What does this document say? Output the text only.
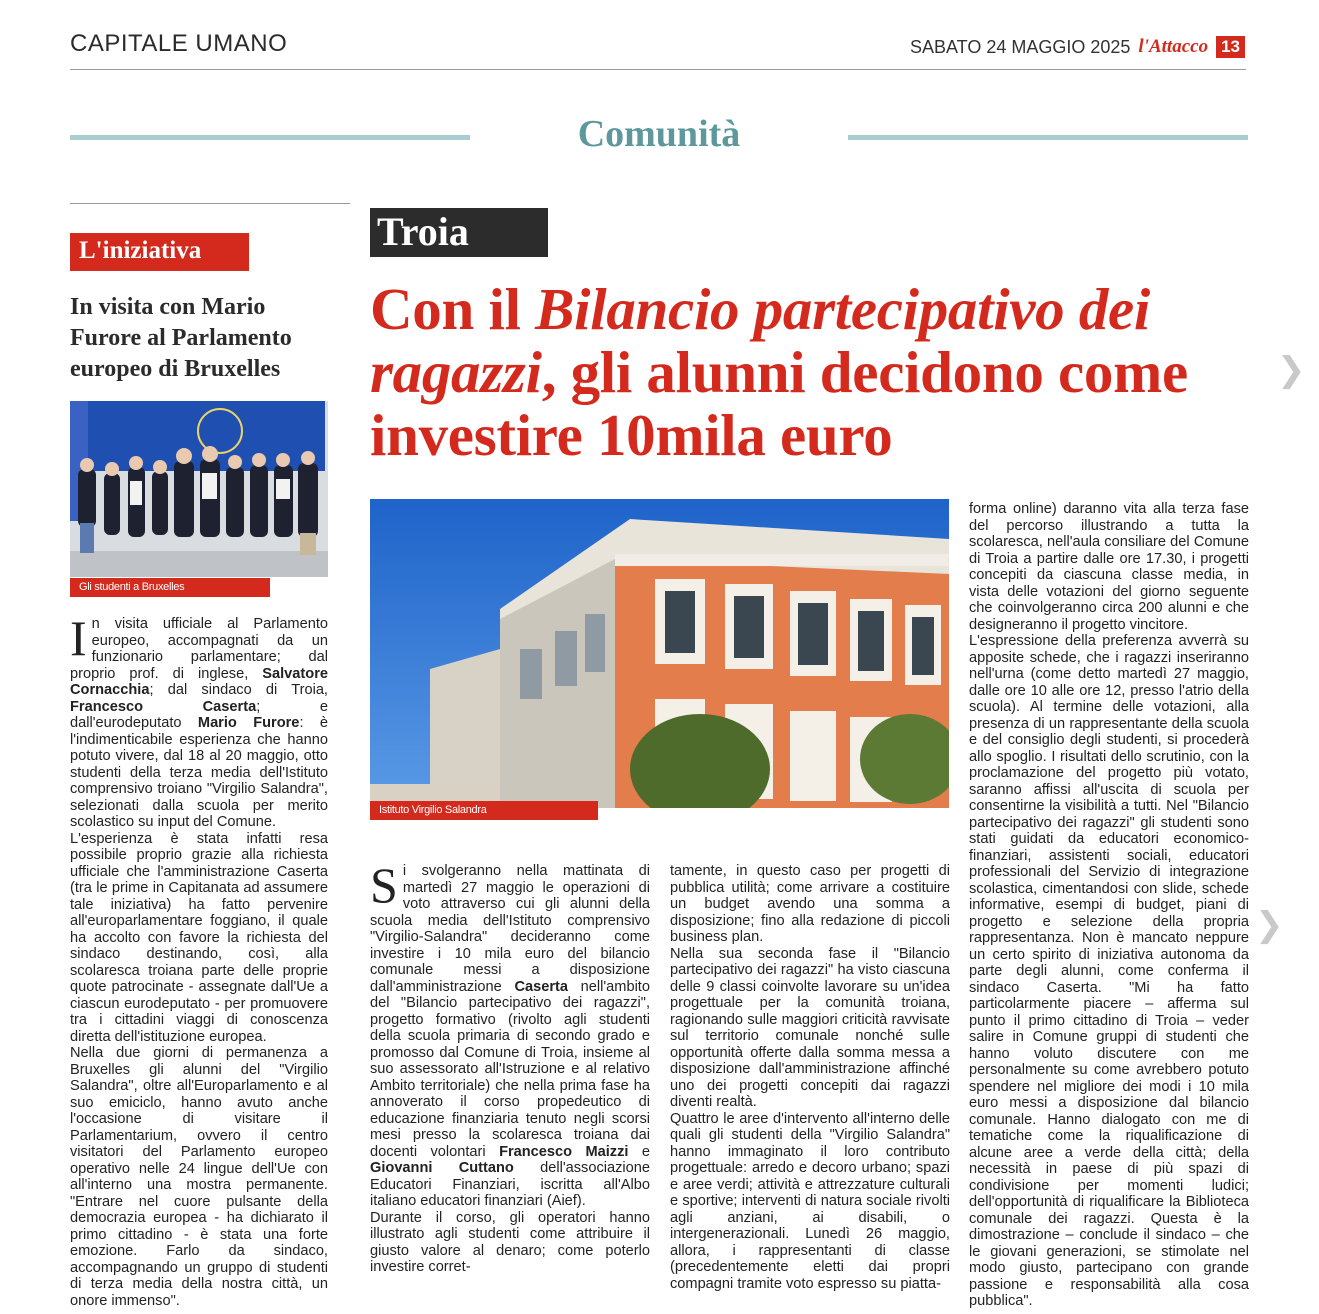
CAPITALE UMANO	SABATO 24 MAGGIO 2025 l'Attacco 13
Comunità
L'iniziativa
In visita con Mario Furore al Parlamento europeo di Bruxelles
Gli studenti a Bruxelles

In visita ufficiale al Parlamento europeo, accompagnati da un funzionario parlamentare; dal proprio prof. di inglese, Salvatore Cornacchia; dal sindaco di Troia, Francesco Caserta; e dall'eurodeputato Mario Furore: è l'indimenticabile esperienza che hanno potuto vivere, dal 18 al 20 maggio, otto studenti della terza media dell'Istituto comprensivo troiano "Virgilio Salandra", selezionati dalla scuola per merito scolastico su input del Comune.

L'esperienza è stata infatti resa possibile proprio grazie alla richiesta ufficiale che l'amministrazione Caserta (tra le prime in Capitanata ad assumere tale iniziativa) ha fatto pervenire all'europarlamentare foggiano, il quale ha accolto con favore la richiesta del sindaco destinando, così, alla scolaresca troiana parte delle proprie quote patrocinate - assegnate dall'Ue a ciascun eurodeputato - per promuovere tra i cittadini viaggi di conoscenza diretta dell'istituzione europea.

Nella due giorni di permanenza a Bruxelles gli alunni del "Virgilio Salandra", oltre all'Europarlamento e al suo emiciclo, hanno avuto anche l'occasione di visitare il Parlamentarium, ovvero il centro visitatori del Parlamento europeo operativo nelle 24 lingue dell'Ue con all'interno una mostra permanente. "Entrare nel cuore pulsante della democrazia europea - ha dichiarato il primo cittadino - è stata una forte emozione. Farlo da sindaco, accompagnando un gruppo di studenti di terza media della nostra città, un onore immenso".

Troia
Con il Bilancio partecipativo dei ragazzi, gli alunni decidono come investire 10mila euro
Istituto Virgilio Salandra

Si svolgeranno nella mattinata di martedì 27 maggio le operazioni di voto attraverso cui gli alunni della scuola media dell'Istituto comprensivo "Virgilio-Salandra" decideranno come investire i 10 mila euro del bilancio comunale messi a disposizione dall'amministrazione Caserta nell'ambito del "Bilancio partecipativo dei ragazzi", progetto formativo (rivolto agli studenti della scuola primaria di secondo grado e promosso dal Comune di Troia, insieme al suo assessorato all'Istruzione e al relativo Ambito territoriale) che nella prima fase ha annoverato il corso propedeutico di educazione finanziaria tenuto negli scorsi mesi presso la scolaresca troiana dai docenti volontari Francesco Maizzi e Giovanni Cuttano dell'associazione Educatori Finanziari, iscritta all'Albo italiano educatori finanziari (Aief).

Durante il corso, gli operatori hanno illustrato agli studenti come attribuire il giusto valore al denaro; come poterlo investire corret-

tamente, in questo caso per progetti di pubblica utilità; come arrivare a costituire un budget avendo una somma a disposizione; fino alla redazione di piccoli business plan.

Nella sua seconda fase il "Bilancio partecipativo dei ragazzi" ha visto ciascuna delle 9 classi coinvolte lavorare su un'idea progettuale per la comunità troiana, ragionando sulle maggiori criticità ravvisate sul territorio comunale nonché sulle opportunità offerte dalla somma messa a disposizione dall'amministrazione affinché uno dei progetti concepiti dai ragazzi diventi realtà.

Quattro le aree d'intervento all'interno delle quali gli studenti della "Virgilio Salandra" hanno immaginato il loro contributo progettuale: arredo e decoro urbano; spazi e aree verdi; attività e attrezzature culturali e sportive; interventi di natura sociale rivolti agli anziani, ai disabili, o intergenerazionali. Lunedì 26 maggio, allora, i rappresentanti di classe (precedentemente eletti dai propri compagni tramite voto espresso su piatta-

forma online) daranno vita alla terza fase del percorso illustrando a tutta la scolaresca, nell'aula consiliare del Comune di Troia a partire dalle ore 17.30, i progetti concepiti da ciascuna classe media, in vista delle votazioni del giorno seguente che coinvolgeranno circa 200 alunni e che designeranno il progetto vincitore.

L'espressione della preferenza avverrà su apposite schede, che i ragazzi inseriranno nell'urna (come detto martedì 27 maggio, dalle ore 10 alle ore 12, presso l'atrio della scuola). Al termine delle votazioni, alla presenza di un rappresentante della scuola e del consiglio degli studenti, si procederà allo spoglio. I risultati dello scrutinio, con la proclamazione del progetto più votato, saranno affissi all'uscita di scuola per consentirne la visibilità a tutti. Nel "Bilancio partecipativo dei ragazzi" gli studenti sono stati guidati da educatori economico-finanziari, assistenti sociali, educatori professionali del Servizio di integrazione scolastica, cimentandosi con slide, schede informative, esempi di budget, piani di progetto e selezione della propria rappresentanza. Non è mancato neppure un certo spirito di iniziativa autonoma da parte degli alunni, come conferma il sindaco Caserta. "Mi ha fatto particolarmente piacere – afferma sul punto il primo cittadino di Troia – veder salire in Comune gruppi di studenti che hanno voluto discutere con me personalmente su come avrebbero potuto spendere nel migliore dei modi i 10 mila euro messi a disposizione dal bilancio comunale. Hanno dialogato con me di tematiche come la riqualificazione di alcune aree a verde della città; della necessità in paese di più spazi di condivisione per momenti ludici; dell'opportunità di riqualificare la Biblioteca comunale dei ragazzi. Questa è la dimostrazione – conclude il sindaco – che le giovani generazioni, se stimolate nel modo giusto, partecipano con grande passione e responsabilità alla cosa pubblica".

❯
❯
